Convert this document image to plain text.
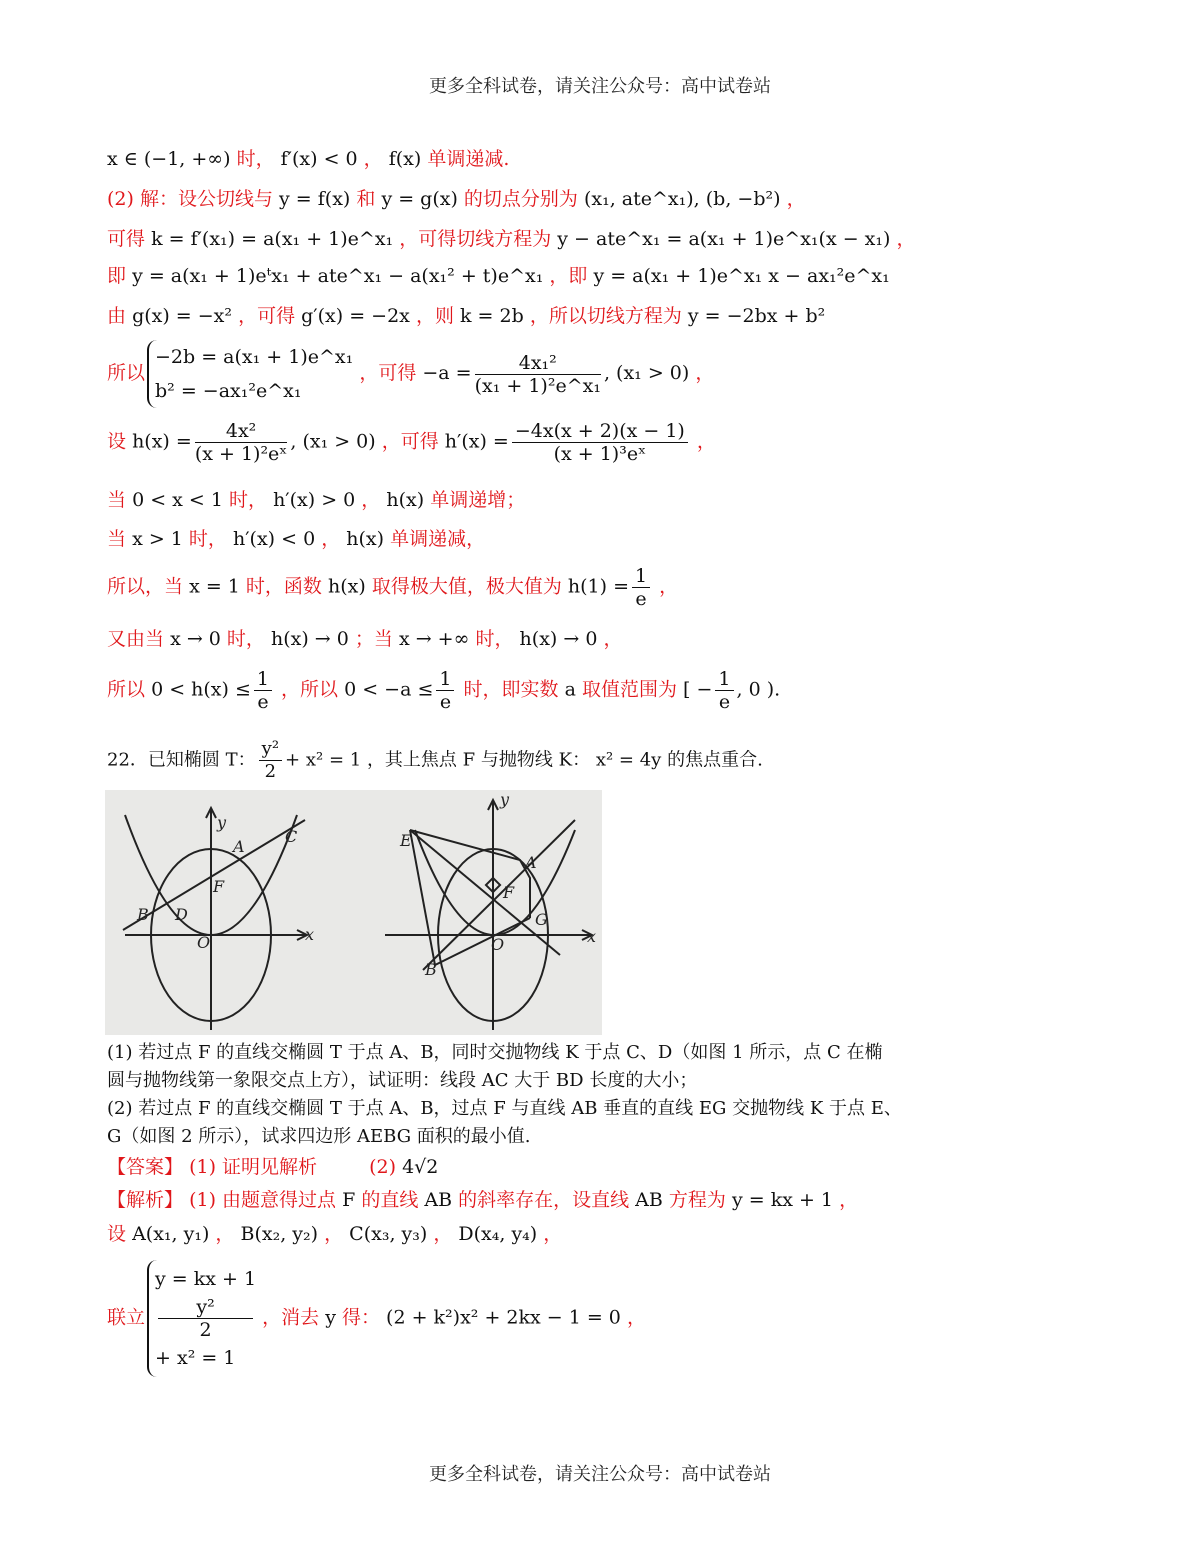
更多全科试卷，请关注公众号：高中试卷站
x ∈ (−1, +∞) 时， f′(x) < 0 ， f(x) 单调递减.
(2) 解：设公切线与 y = f(x) 和 y = g(x) 的切点分别为 (x₁, ate^x₁), (b, −b²) ，
可得 k = f′(x₁) = a(x₁ + 1)e^x₁ ，可得切线方程为 y − ate^x₁ = a(x₁ + 1)e^x₁(x − x₁) ，
即 y = a(x₁ + 1)eᵗx₁ + ate^x₁ − a(x₁² + t)e^x₁ ，即 y = a(x₁ + 1)e^x₁ x − ax₁²e^x₁
由 g(x) = −x² ，可得 g′(x) = −2x ，则 k = 2b ，所以切线方程为 y = −2bx + b²
所以
−2b = a(x₁ + 1)e^x₁
b² = −ax₁²e^x₁
，可得 $-a = \frac{\text{4x₁²}}{\text{(x₁ + 1)²e\textasciicircum{}x₁}}$ , (x₁ > 0) ，
设 $h(x) = \frac{\text{4x²}}{\text{(x + 1)²eˣ}}$ , (x₁ > 0) ，可得 $h'(x) = \frac{-4x(x + 2)(x - 1)}{\text{(x + 1)³eˣ}}$ ，
当 0 < x < 1 时， h′(x) > 0 ， h(x) 单调递增；
当 x > 1 时， h′(x) < 0 ， h(x) 单调递减，
所以，当 x = 1 时，函数 h(x) 取得极大值，极大值为 $h(1) = \frac{1}{e}$ ，
又由当 x → 0 时， h(x) → 0 ；当 x → +∞ 时， h(x) → 0 ，
所以 $0 < h(x) \le \frac{1}{e}$ ，所以 $0 < -a \le \frac{1}{e}$ 时，即实数 a 取值范围为 [ − $\frac{1}{e}$ , 0 ).
22．已知椭圆 T： $\frac{\text{y²}}{2} + x^2 = 1$ ，其上焦点 F 与抛物线 K： x² = 4y 的焦点重合.
y
x
O
A
B
C
D
F
y
x
O
A
B
E
F
G
(1) 若过点 F 的直线交椭圆 T 于点 A、B，同时交抛物线 K 于点 C、D（如图 1 所示，点 C 在椭
圆与抛物线第一象限交点上方），试证明：线段 AC 大于 BD 长度的大小；
(2) 若过点 F 的直线交椭圆 T 于点 A、B，过点 F 与直线 AB 垂直的直线 EG 交抛物线 K 于点 E、
G（如图 2 所示），试求四边形 AEBG 面积的最小值.
【答案】 (1) 证明见解析	(2) 4√2
【解析】 (1) 由题意得过点 F 的直线 AB 的斜率存在，设直线 AB 方程为 y = kx + 1 ，
设 A(x₁, y₁) ， B(x₂, y₂) ， C(x₃, y₃) ， D(x₄, y₄) ，
联立
y = kx + 1
y²
2
+ x² = 1
，消去 y 得： (2 + k²)x² + 2kx − 1 = 0 ，
更多全科试卷，请关注公众号：高中试卷站
